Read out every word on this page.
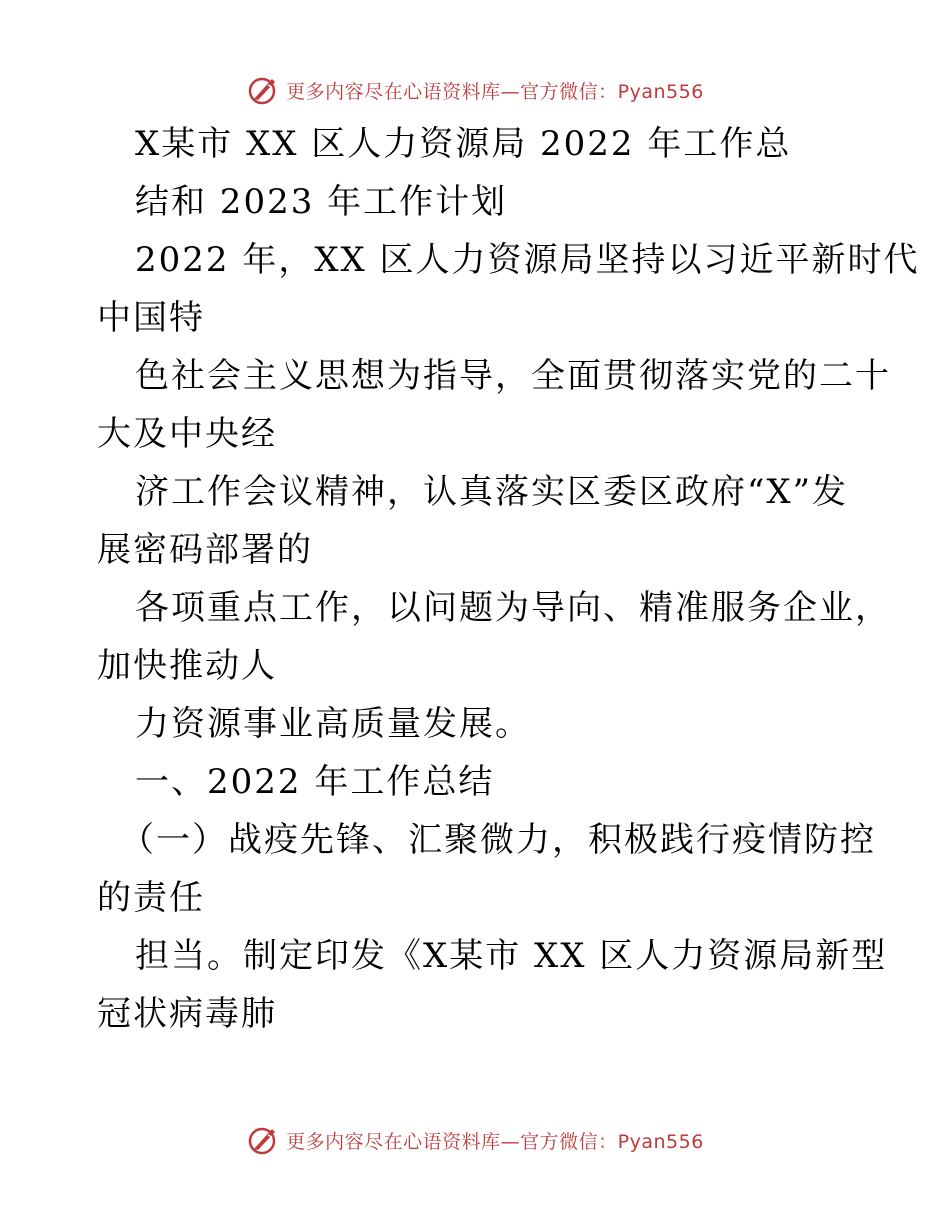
更多内容尽在心语资料库—官方微信：Pyan556
X某市 XX 区人力资源局 2022 年工作总
结和 2023 年工作计划
2022 年，XX 区人力资源局坚持以习近平新时代
中国特
色社会主义思想为指导，全面贯彻落实党的二十
大及中央经
济工作会议精神，认真落实区委区政府“X”发
展密码部署的
各项重点工作，以问题为导向、精准服务企业，
加快推动人
力资源事业高质量发展。
一、2022 年工作总结
（一）战疫先锋、汇聚微力，积极践行疫情防控
的责任
担当。制定印发《X某市 XX 区人力资源局新型
冠状病毒肺
更多内容尽在心语资料库—官方微信：Pyan556
